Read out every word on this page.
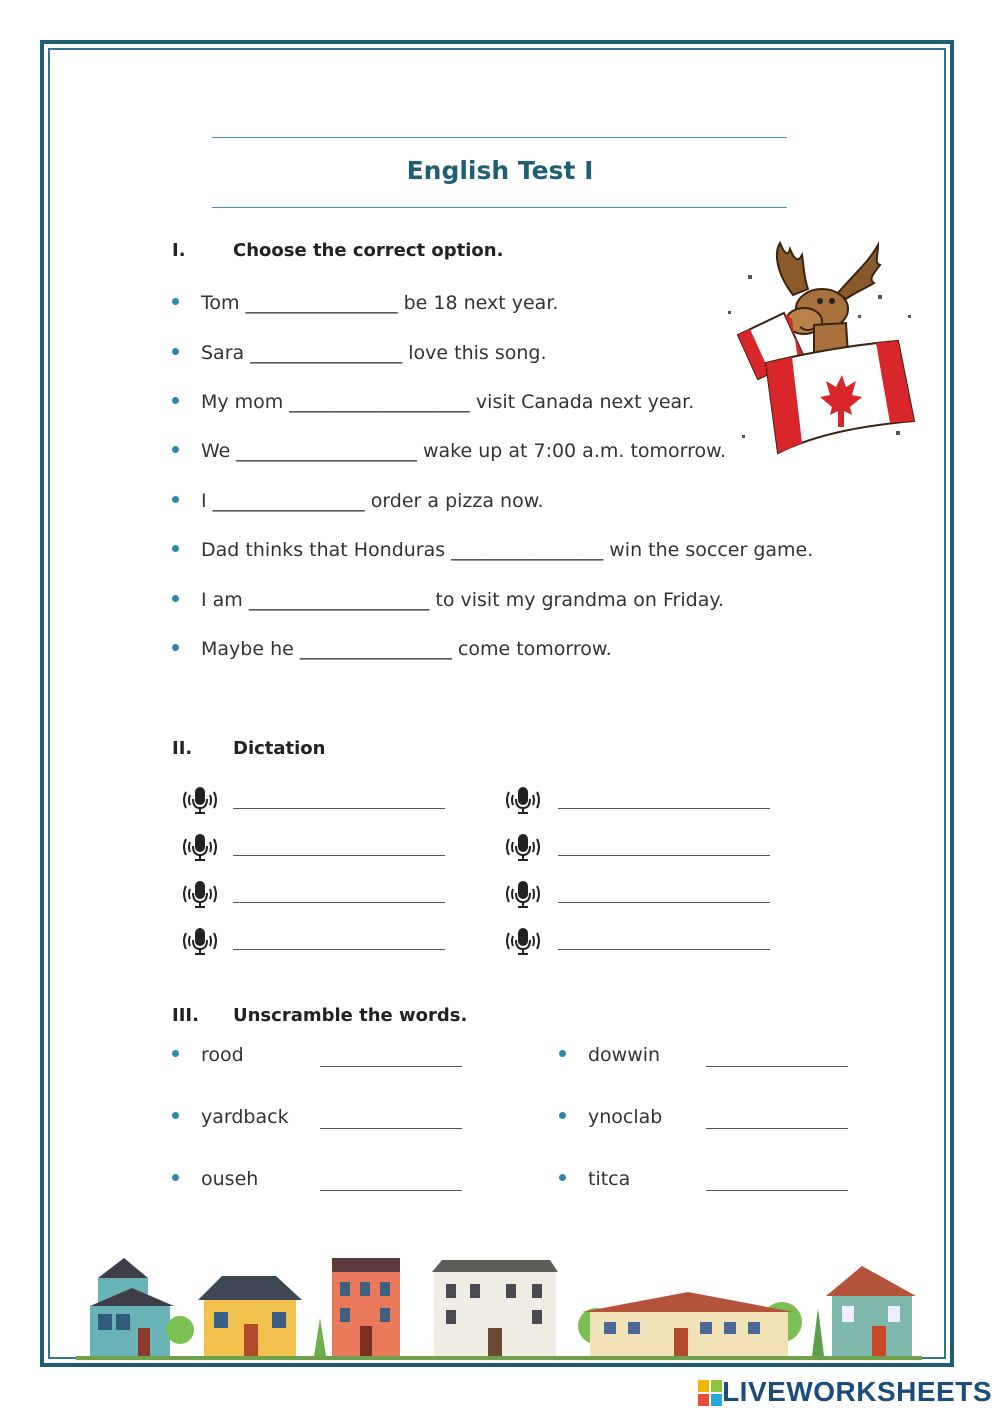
English Test I
I.	Choose the correct option.
Tom ________________ be 18 next year.
Sara ________________ love this song.
My mom ___________________ visit Canada next year.
We ___________________ wake up at 7:00 a.m. tomorrow.
I ________________ order a pizza now.
Dad thinks that Honduras ________________ win the soccer game.
I am ___________________ to visit my grandma on Friday.
Maybe he ________________ come tomorrow.
II. Dictation
III. Unscramble the words.
rood
yardback
ouseh
dowwin
ynoclab
titca
LIVEWORKSHEETS
